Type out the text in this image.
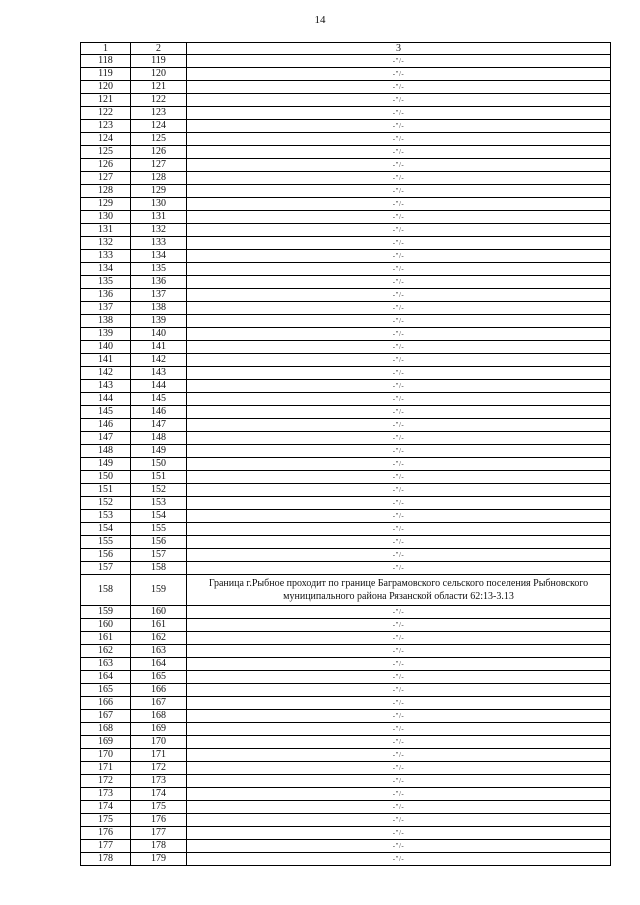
14
1	2	3
118	119	-"/-
119	120	-"/-
120	121	-"/-
121	122	-"/-
122	123	-"/-
123	124	-"/-
124	125	-"/-
125	126	-"/-
126	127	-"/-
127	128	-"/-
128	129	-"/-
129	130	-"/-
130	131	-"/-
131	132	-"/-
132	133	-"/-
133	134	-"/-
134	135	-"/-
135	136	-"/-
136	137	-"/-
137	138	-"/-
138	139	-"/-
139	140	-"/-
140	141	-"/-
141	142	-"/-
142	143	-"/-
143	144	-"/-
144	145	-"/-
145	146	-"/-
146	147	-"/-
147	148	-"/-
148	149	-"/-
149	150	-"/-
150	151	-"/-
151	152	-"/-
152	153	-"/-
153	154	-"/-
154	155	-"/-
155	156	-"/-
156	157	-"/-
157	158	-"/-
158	159	Граница г.Рыбное проходит по границе Баграмовского сельского поселения Рыбновского муниципального района Рязанской области 62:13-3.13
159	160	-"/-
160	161	-"/-
161	162	-"/-
162	163	-"/-
163	164	-"/-
164	165	-"/-
165	166	-"/-
166	167	-"/-
167	168	-"/-
168	169	-"/-
169	170	-"/-
170	171	-"/-
171	172	-"/-
172	173	-"/-
173	174	-"/-
174	175	-"/-
175	176	-"/-
176	177	-"/-
177	178	-"/-
178	179	-"/-
